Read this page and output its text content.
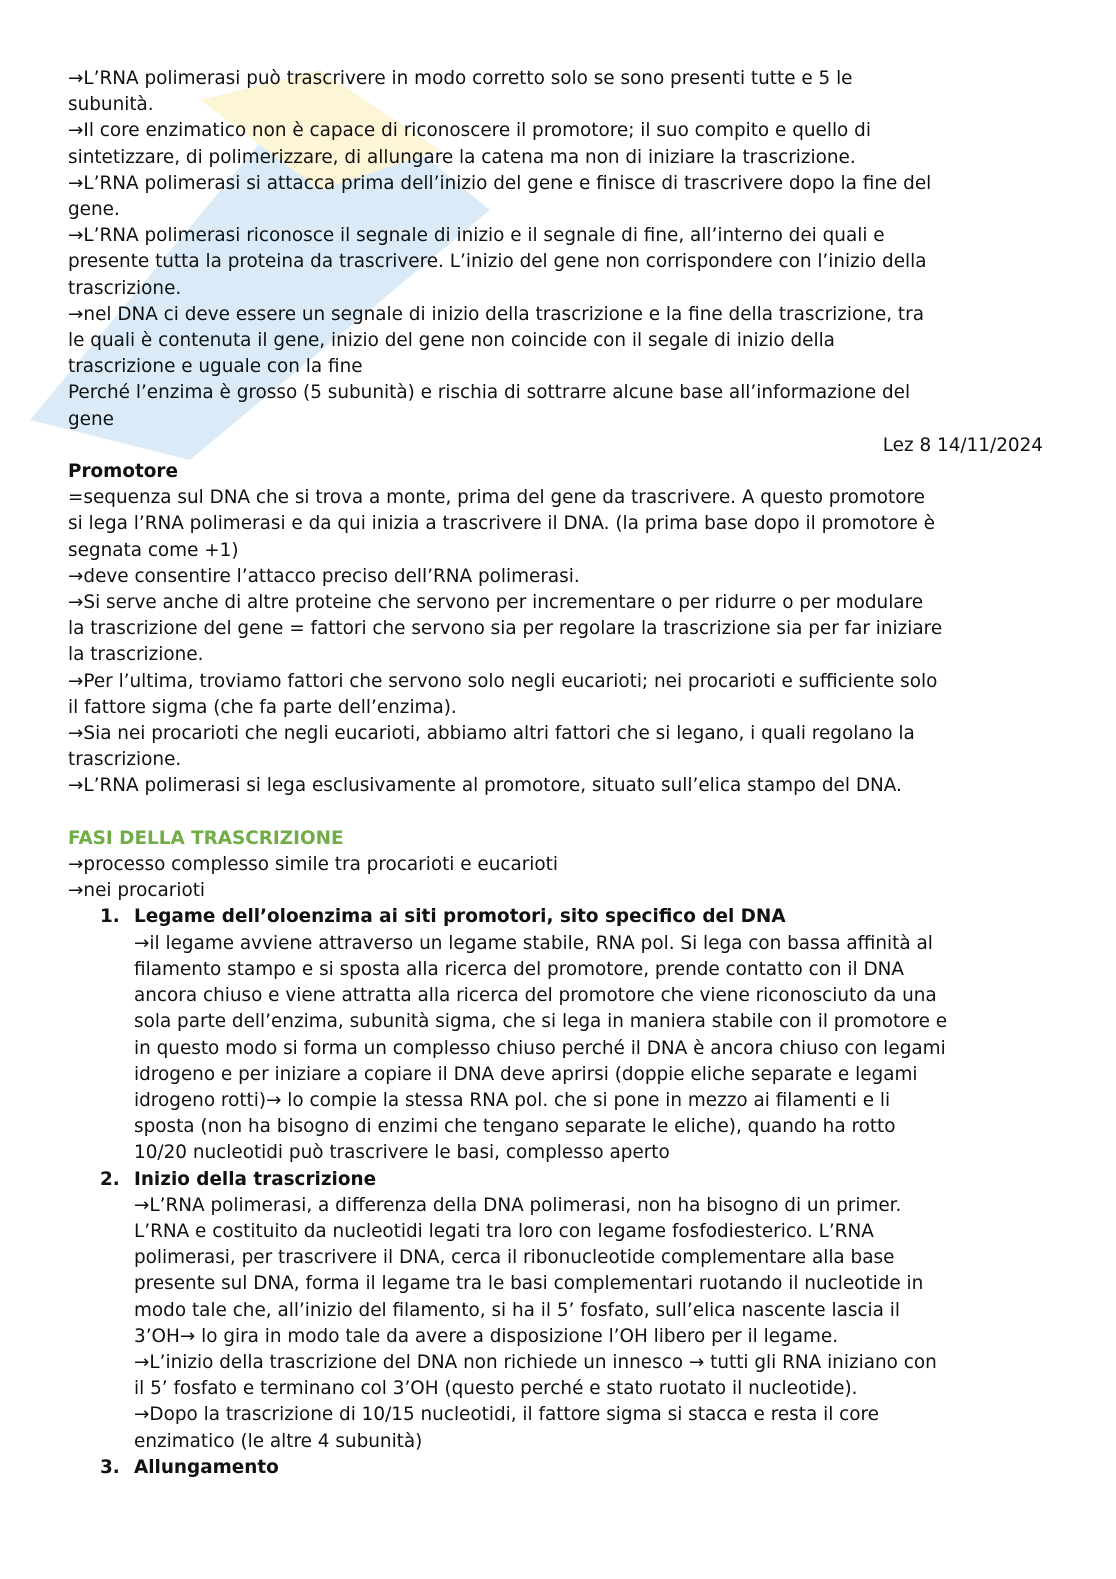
→L’RNA polimerasi può trascrivere in modo corretto solo se sono presenti tutte e 5 le
subunità.
→Il core enzimatico non è capace di riconoscere il promotore; il suo compito e quello di
sintetizzare, di polimerizzare, di allungare la catena ma non di iniziare la trascrizione.
→L’RNA polimerasi si attacca prima dell’inizio del gene e finisce di trascrivere dopo la fine del
gene.
→L’RNA polimerasi riconosce il segnale di inizio e il segnale di fine, all’interno dei quali e
presente tutta la proteina da trascrivere. L’inizio del gene non corrispondere con l’inizio della
trascrizione.
→nel DNA ci deve essere un segnale di inizio della trascrizione e la fine della trascrizione, tra
le quali è contenuta il gene, inizio del gene non coincide con il segale di inizio della
trascrizione e uguale con la fine
Perché l’enzima è grosso (5 subunità) e rischia di sottrarre alcune base all’informazione del
gene
Lez 8 14/11/2024
Promotore
=sequenza sul DNA che si trova a monte, prima del gene da trascrivere. A questo promotore
si lega l’RNA polimerasi e da qui inizia a trascrivere il DNA. (la prima base dopo il promotore è
segnata come +1)
→deve consentire l’attacco preciso dell’RNA polimerasi.
→Si serve anche di altre proteine che servono per incrementare o per ridurre o per modulare
la trascrizione del gene = fattori che servono sia per regolare la trascrizione sia per far iniziare
la trascrizione.
→Per l’ultima, troviamo fattori che servono solo negli eucarioti; nei procarioti e sufficiente solo
il fattore sigma (che fa parte dell’enzima).
→Sia nei procarioti che negli eucarioti, abbiamo altri fattori che si legano, i quali regolano la
trascrizione.
→L’RNA polimerasi si lega esclusivamente al promotore, situato sull’elica stampo del DNA.
FASI DELLA TRASCRIZIONE
→processo complesso simile tra procarioti e eucarioti
→nei procarioti
1. Legame dell’oloenzima ai siti promotori, sito specifico del DNA
→il legame avviene attraverso un legame stabile, RNA pol. Si lega con bassa affinità al
filamento stampo e si sposta alla ricerca del promotore, prende contatto con il DNA
ancora chiuso e viene attratta alla ricerca del promotore che viene riconosciuto da una
sola parte dell’enzima, subunità sigma, che si lega in maniera stabile con il promotore e
in questo modo si forma un complesso chiuso perché il DNA è ancora chiuso con legami
idrogeno e per iniziare a copiare il DNA deve aprirsi (doppie eliche separate e legami
idrogeno rotti)→ lo compie la stessa RNA pol. che si pone in mezzo ai filamenti e li
sposta (non ha bisogno di enzimi che tengano separate le eliche), quando ha rotto
10/20 nucleotidi può trascrivere le basi, complesso aperto
2. Inizio della trascrizione
→L’RNA polimerasi, a differenza della DNA polimerasi, non ha bisogno di un primer.
L’RNA e costituito da nucleotidi legati tra loro con legame fosfodiesterico. L’RNA
polimerasi, per trascrivere il DNA, cerca il ribonucleotide complementare alla base
presente sul DNA, forma il legame tra le basi complementari ruotando il nucleotide in
modo tale che, all’inizio del filamento, si ha il 5’ fosfato, sull’elica nascente lascia il
3’OH→ lo gira in modo tale da avere a disposizione l’OH libero per il legame.
→L’inizio della trascrizione del DNA non richiede un innesco → tutti gli RNA iniziano con
il 5’ fosfato e terminano col 3’OH (questo perché e stato ruotato il nucleotide).
→Dopo la trascrizione di 10/15 nucleotidi, il fattore sigma si stacca e resta il core
enzimatico (le altre 4 subunità)
3. Allungamento
